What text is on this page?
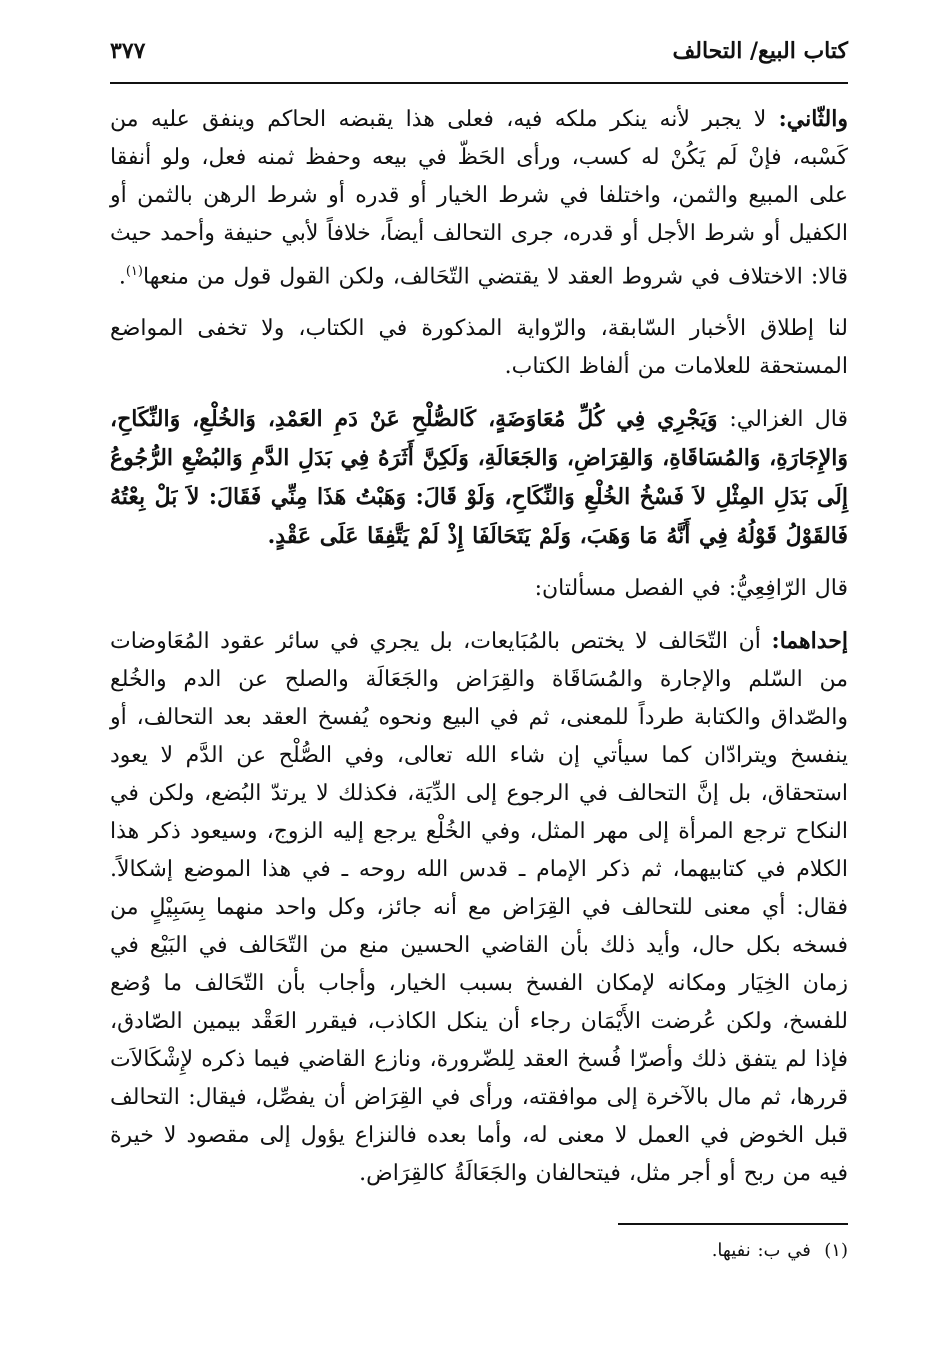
كتاب البيع/ التحالف
٣٧٧

والثّاني: لا يجبر لأنه ينكر ملكه فيه، فعلى هذا يقبضه الحاكم وينفق عليه من كَسْبه، فإنْ لَم يَكُنْ له كسب، ورأى الحَظّ في بيعه وحفظ ثمنه فعل، ولو أنفقا على المبيع والثمن، واختلفا في شرط الخيار أو قدره أو شرط الرهن بالثمن أو الكفيل أو شرط الأجل أو قدره، جرى التحالف أيضاً، خلافاً لأبي حنيفة وأحمد حيث قالا: الاختلاف في شروط العقد لا يقتضي التّحَالف، ولكن القول قول من منعها$^{(١)}$.

لنا إطلاق الأخبار السّابقة، والرّواية المذكورة في الكتاب، ولا تخفى المواضع المستحقة للعلامات من ألفاظ الكتاب.

قال الغزالي: وَيَجْرِي فِي كُلِّ مُعَاوَضَةٍ، كَالصُّلْحِ عَنْ دَمِ العَمْدِ، وَالخُلْعِ، وَالنِّكَاحِ، وَالإِجَارَةِ، وَالمُسَاقَاةِ، وَالقِرَاضِ، وَالجَعَالَةِ، وَلَكِنَّ أَثَرَهُ فِي بَدَلِ الدَّمِ وَالبُضْعِ الرُّجُوعُ إِلَى بَدَلِ المِثْلِ لاَ فَسْخُ الخُلْعِ وَالنِّكَاحِ، وَلَوْ قَالَ: وَهَبْتُ هَذَا مِنِّي فَقَالَ: لاَ بَلْ بِعْتُهُ فَالقَوْلُ قَوْلُهُ فِي أَنَّهُ مَا وَهَبَ، وَلَمْ يَتَحَالَفَا إِذْ لَمْ يَتَّفِقَا عَلَى عَقْدٍ.

قال الرّافِعِيُّ: في الفصل مسألتان:

إحداهما: أن التّحَالف لا يختص بالمُبَايعات، بل يجري في سائر عقود المُعَاوضات من السّلم والإجارة والمُسَاقَاة والقِرَاض والجَعَالَة والصلح عن الدم والخُلع والصّداق والكتابة طرداً للمعنى، ثم في البيع ونحوه يُفسخ العقد بعد التحالف، أو ينفسخ ويترادّان كما سيأتي إن شاء الله تعالى، وفي الصُّلْح عن الدَّم لا يعود استحقاق، بل إنَّ التحالف في الرجوع إلى الدِّيَة، فكذلك لا يرتدّ البُضع، ولكن في النكاح ترجع المرأة إلى مهر المثل، وفي الخُلْع يرجع إليه الزوج، وسيعود ذكر هذا الكلام في كتابيهما، ثم ذكر الإمام ـ قدس الله روحه ـ في هذا الموضع إشكالاً. فقال: أي معنى للتحالف في القِرَاض مع أنه جائز، وكل واحد منهما بِسَبِيْلٍ من فسخه بكل حال، وأيد ذلك بأن القاضي الحسين منع من التّحَالف في البَيْع في زمان الخِيَار ومكانه لإمكان الفسخ بسبب الخيار، وأجاب بأن التّحَالف ما وُضع للفسخ، ولكن عُرضت الأَيْمَان رجاء أن ينكل الكاذب، فيقرر العَقْد بيمين الصّادق، فإذا لم يتفق ذلك وأصرّا فُسخ العقد لِلضّرورة، ونازع القاضي فيما ذكره لإِشْكَالاَت قررها، ثم مال بالآخرة إلى موافقته، ورأى في القِرَاض أن يفصِّل، فيقال: التحالف قبل الخوض في العمل لا معنى له، وأما بعده فالنزاع يؤول إلى مقصود لا خيرة فيه من ربح أو أجر مثل، فيتحالفان والجَعَالَةُ كالقِرَاض.

(١)  في ب: نفيها.
